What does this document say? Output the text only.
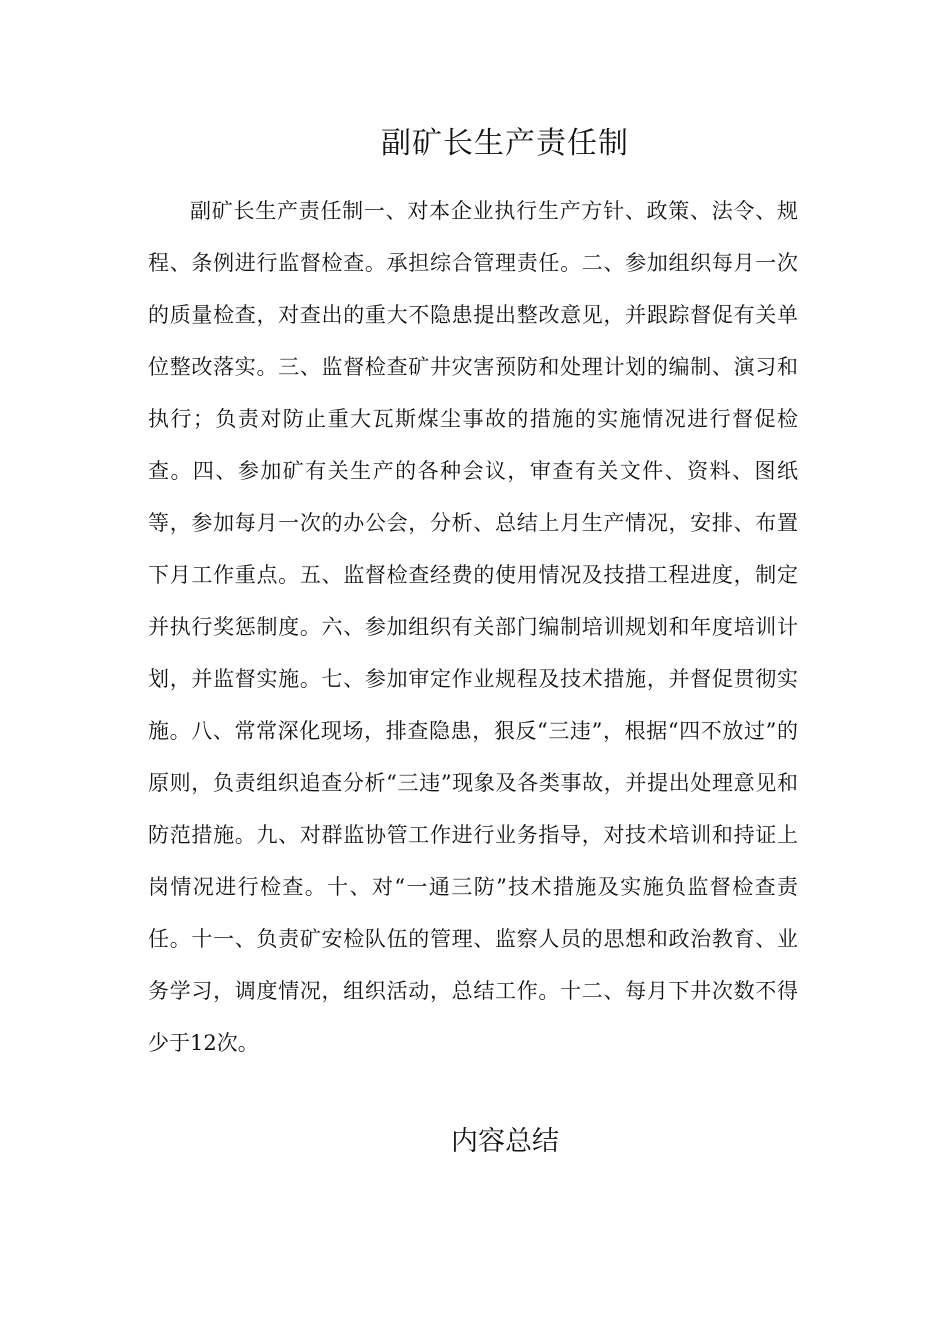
副矿长生产责任制

副矿长生产责任制一、对本企业执行生产方针、政策、法令、规程、条例进行监督检查。承担综合管理责任。二、参加组织每月一次的质量检查，对查出的重大不隐患提出整改意见，并跟踪督促有关单位整改落实。三、监督检查矿井灾害预防和处理计划的编制、演习和执行；负责对防止重大瓦斯煤尘事故的措施的实施情况进行督促检查。四、参加矿有关生产的各种会议，审查有关文件、资料、图纸等，参加每月一次的办公会，分析、总结上月生产情况，安排、布置下月工作重点。五、监督检查经费的使用情况及技措工程进度，制定并执行奖惩制度。六、参加组织有关部门编制培训规划和年度培训计划，并监督实施。七、参加审定作业规程及技术措施，并督促贯彻实施。八、常常深化现场，排查隐患，狠反“三违”，根据“四不放过”的原则，负责组织追查分析“三违”现象及各类事故，并提出处理意见和防范措施。九、对群监协管工作进行业务指导，对技术培训和持证上岗情况进行检查。十、对“一通三防”技术措施及实施负监督检查责任。十一、负责矿安检队伍的管理、监察人员的思想和政治教育、业务学习，调度情况，组织活动，总结工作。十二、每月下井次数不得少于12次。

内容总结
